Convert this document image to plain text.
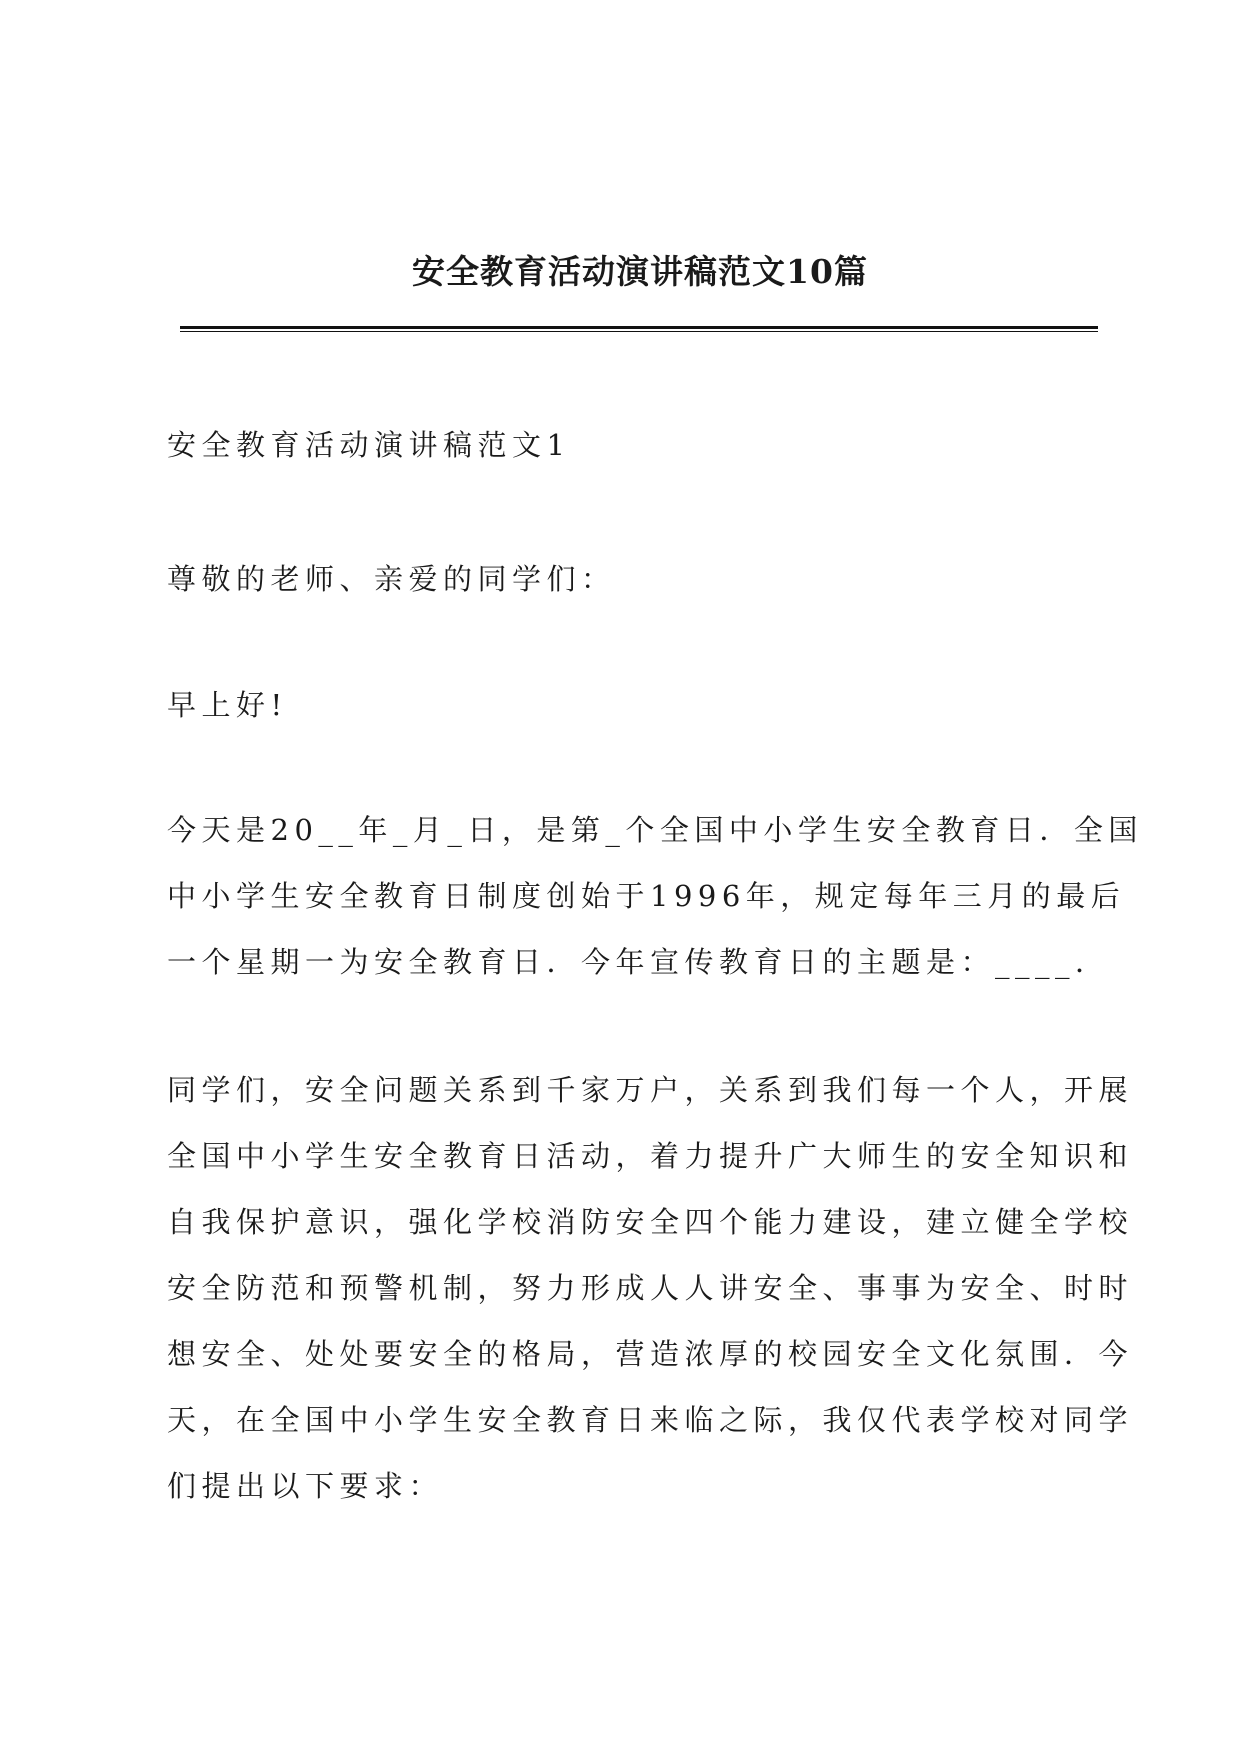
安全教育活动演讲稿范文10篇

安全教育活动演讲稿范文1

尊敬的老师、亲爱的同学们：

早上好!

今天是20__年_月_日，是第_个全国中小学生安全教育日．全国
中小学生安全教育日制度创始于1996年，规定每年三月的最后
一个星期一为安全教育日．今年宣传教育日的主题是：____．
同学们，安全问题关系到千家万户，关系到我们每一个人，开展
全国中小学生安全教育日活动，着力提升广大师生的安全知识和
自我保护意识，强化学校消防安全四个能力建设，建立健全学校
安全防范和预警机制，努力形成人人讲安全、事事为安全、时时
想安全、处处要安全的格局，营造浓厚的校园安全文化氛围．今
天，在全国中小学生安全教育日来临之际，我仅代表学校对同学
们提出以下要求：
